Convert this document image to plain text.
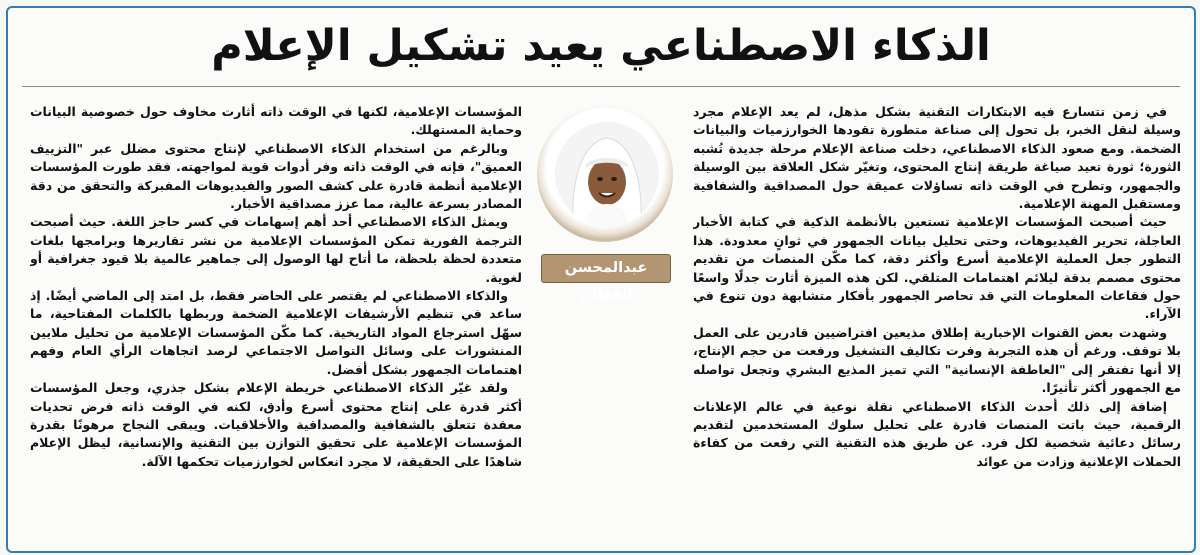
الذكاء الاصطناعي يعيد تشكيل الإعلام

في زمن تتسارع فيه الابتكارات التقنية بشكل مذهل، لم يعد الإعلام مجرد وسيلة لنقل الخبر، بل تحول إلى صناعة متطورة تقودها الخوارزميات والبيانات الضخمة. ومع صعود الذكاء الاصطناعي، دخلت صناعة الإعلام مرحلة جديدة تُشبه الثورة؛ ثورة تعيد صياغة طريقة إنتاج المحتوى، وتغيّر شكل العلاقة بين الوسيلة والجمهور، وتطرح في الوقت ذاته تساؤلات عميقة حول المصداقية والشفافية ومستقبل المهنة الإعلامية.

حيث أصبحت المؤسسات الإعلامية تستعين بالأنظمة الذكية في كتابة الأخبار العاجلة، تحرير الفيديوهات، وحتى تحليل بيانات الجمهور في ثوانٍ معدودة. هذا التطور جعل العملية الإعلامية أسرع وأكثر دقة، كما مكّن المنصات من تقديم محتوى مصمم بدقة ليلائم اهتمامات المتلقي. لكن هذه الميزة أثارت جدلًا واسعًا حول فقاعات المعلومات التي قد تحاصر الجمهور بأفكار متشابهة دون تنوع في الآراء.

وشهدت بعض القنوات الإخبارية إطلاق مذيعين افتراضيين قادرين على العمل بلا توقف. ورغم أن هذه التجربة وفرت تكاليف التشغيل ورفعت من حجم الإنتاج، إلا أنها تفتقر إلى "العاطفة الإنسانية" التي تميز المذيع البشري وتجعل تواصله مع الجمهور أكثر تأثيرًا.

إضافة إلى ذلك أحدث الذكاء الاصطناعي نقلة نوعية في عالم الإعلانات الرقمية، حيث باتت المنصات قادرة على تحليل سلوك المستخدمين لتقديم رسائل دعائية شخصية لكل فرد. عن طريق هذه التقنية التي رفعت من كفاءة الحملات الإعلانية وزادت من عوائد

عبدالمحسن القطان

المؤسسات الإعلامية، لكنها في الوقت ذاته أثارت مخاوف حول خصوصية البيانات وحماية المستهلك.

وبالرغم من استخدام الذكاء الاصطناعي لإنتاج محتوى مضلل عبر "التزييف العميق"، فإنه في الوقت ذاته وفر أدوات قوية لمواجهته. فقد طورت المؤسسات الإعلامية أنظمة قادرة على كشف الصور والفيديوهات المفبركة والتحقق من دقة المصادر بسرعة عالية، مما عزز مصداقية الأخبار.

ويمثل الذكاء الاصطناعي أحد أهم إسهامات في كسر حاجز اللغة. حيث أصبحت الترجمة الفورية تمكن المؤسسات الإعلامية من نشر تقاريرها وبرامجها بلغات متعددة لحظة بلحظة، ما أتاح لها الوصول إلى جماهير عالمية بلا قيود جغرافية أو لغوية.

والذكاء الاصطناعي لم يقتصر على الحاضر فقط، بل امتد إلى الماضي أيضًا. إذ ساعد في تنظيم الأرشيفات الإعلامية الضخمة وربطها بالكلمات المفتاحية، ما سهّل استرجاع المواد التاريخية. كما مكّن المؤسسات الإعلامية من تحليل ملايين المنشورات على وسائل التواصل الاجتماعي لرصد اتجاهات الرأي العام وفهم اهتمامات الجمهور بشكل أفضل.

ولقد غيّر الذكاء الاصطناعي خريطة الإعلام بشكل جذري، وجعل المؤسسات أكثر قدرة على إنتاج محتوى أسرع وأدق، لكنه في الوقت ذاته فرض تحديات معقدة تتعلق بالشفافية والمصداقية والأخلاقيات. ويبقى النجاح مرهونًا بقدرة المؤسسات الإعلامية على تحقيق التوازن بين التقنية والإنسانية، ليظل الإعلام شاهدًا على الحقيقة، لا مجرد انعكاس لخوارزميات تحكمها الآلة.
